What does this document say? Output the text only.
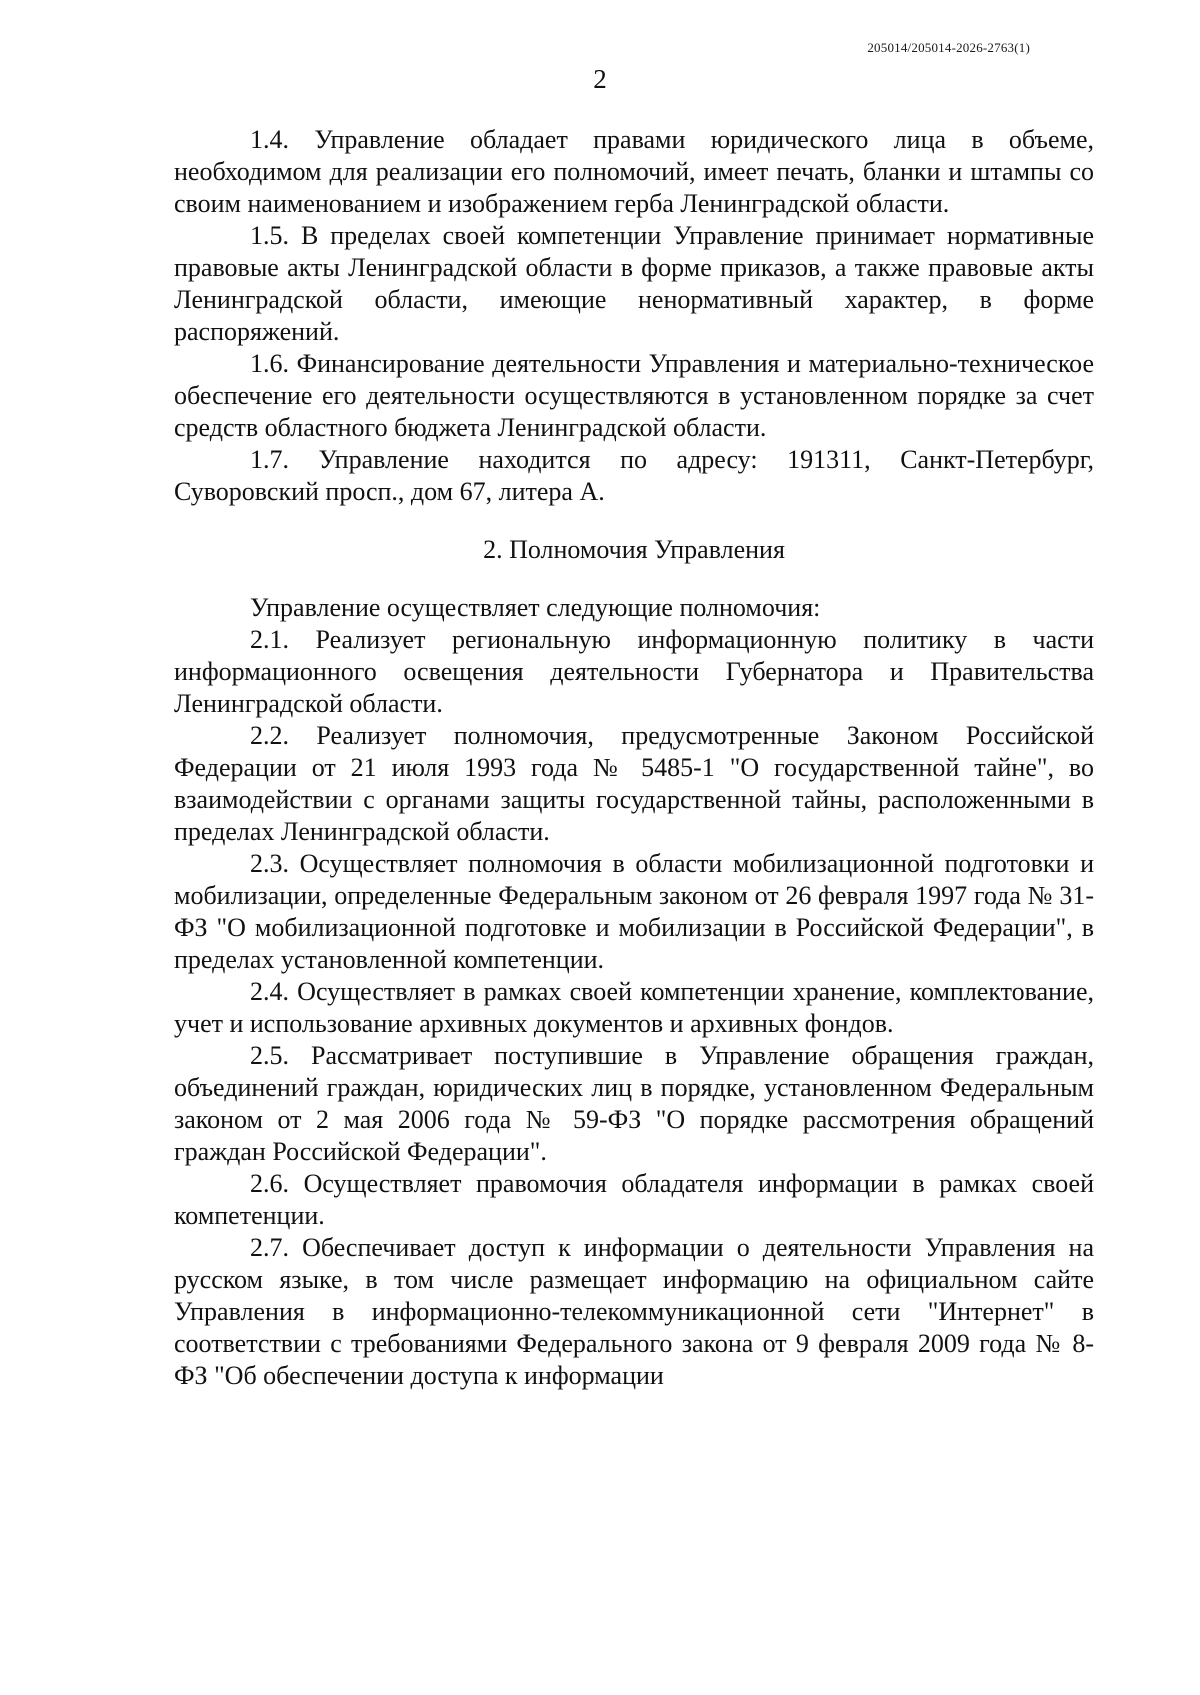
205014/205014-2026-2763(1)
2

1.4. Управление обладает правами юридического лица в объеме, необходимом для реализации его полномочий, имеет печать, бланки и штампы со своим наименованием и изображением герба Ленинградской области.

1.5. В пределах своей компетенции Управление принимает нормативные правовые акты Ленинградской области в форме приказов, а также правовые акты Ленинградской области, имеющие ненормативный характер, в форме распоряжений.

1.6. Финансирование деятельности Управления и материально-техническое обеспечение его деятельности осуществляются в установленном порядке за счет средств областного бюджета Ленинградской области.

1.7. Управление находится по адресу: 191311, Санкт-Петербург, Суворовский просп., дом 67, литера А.

2. Полномочия Управления

Управление осуществляет следующие полномочия:

2.1. Реализует региональную информационную политику в части информационного освещения деятельности Губернатора и Правительства Ленинградской области.

2.2. Реализует полномочия, предусмотренные Законом Российской Федерации от 21 июля 1993 года № 5485-1 "О государственной тайне", во взаимодействии с органами защиты государственной тайны, расположенными в пределах Ленинградской области.

2.3. Осуществляет полномочия в области мобилизационной подготовки и мобилизации, определенные Федеральным законом от 26 февраля 1997 года № 31-ФЗ "О мобилизационной подготовке и мобилизации в Российской Федерации", в пределах установленной компетенции.

2.4. Осуществляет в рамках своей компетенции хранение, комплектование, учет и использование архивных документов и архивных фондов.

2.5. Рассматривает поступившие в Управление обращения граждан, объединений граждан, юридических лиц в порядке, установленном Федеральным законом от 2 мая 2006 года № 59-ФЗ "О порядке рассмотрения обращений граждан Российской Федерации".

2.6. Осуществляет правомочия обладателя информации в рамках своей компетенции.

2.7. Обеспечивает доступ к информации о деятельности Управления на русском языке, в том числе размещает информацию на официальном сайте Управления в информационно-телекоммуникационной сети "Интернет" в соответствии с требованиями Федерального закона от 9 февраля 2009 года № 8-ФЗ "Об обеспечении доступа к информации
